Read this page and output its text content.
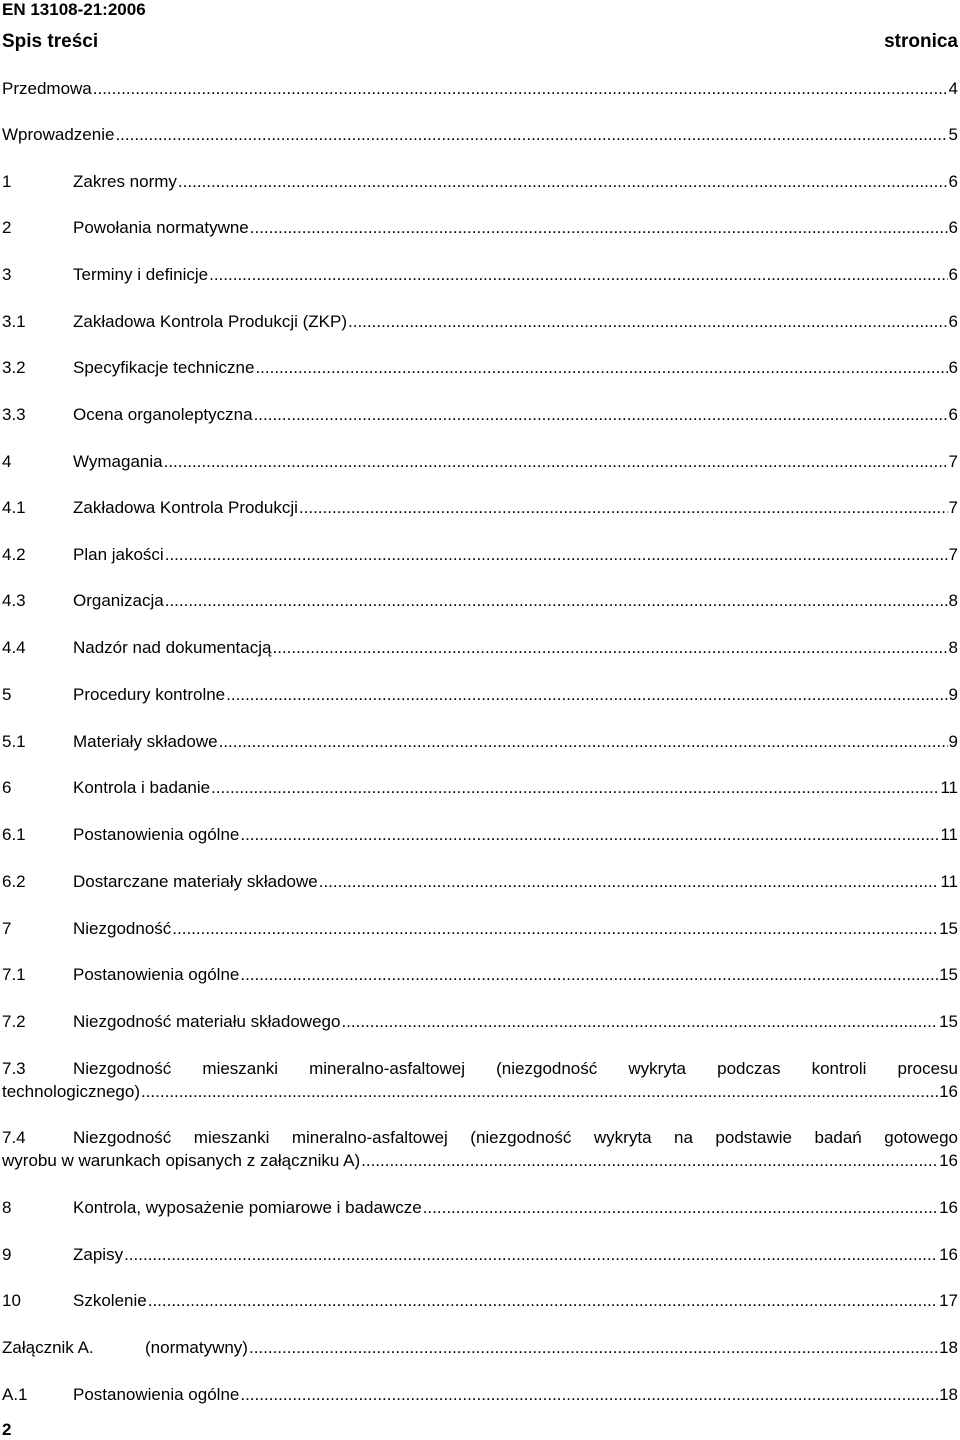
EN 13108-21:2006
Spis treści	stronica
Przedmowa .....	4
Wprowadzenie .....	5
1	Zakres normy .....	6
2	Powołania normatywne .....	6
3	Terminy i definicje .....	6
3.1	Zakładowa Kontrola Produkcji (ZKP) .....	6
3.2	Specyfikacje techniczne .....	6
3.3	Ocena organoleptyczna .....	6
4	Wymagania .....	7
4.1	Zakładowa Kontrola Produkcji .....	7
4.2	Plan jakości .....	7
4.3	Organizacja .....	8
4.4	Nadzór nad dokumentacją .....	8
5	Procedury kontrolne .....	9
5.1	Materiały składowe .....	9
6	Kontrola i badanie .....	11
6.1	Postanowienia ogólne .....	11
6.2	Dostarczane materiały składowe .....	11
7	Niezgodność .....	15
7.1	Postanowienia ogólne .....	15
7.2	Niezgodność materiału składowego .....	15
7.3	Niezgodność mieszanki mineralno-asfaltowej (niezgodność wykryta podczas kontroli procesu
technologicznego) .....	16
7.4	Niezgodność mieszanki mineralno-asfaltowej (niezgodność wykryta na podstawie badań gotowego
wyrobu w warunkach opisanych z załączniku A) .....	16
8	Kontrola, wyposażenie pomiarowe i badawcze .....	16
9	Zapisy .....	16
10	Szkolenie .....	17
Załącznik A.	(normatywny) .....	18
A.1	Postanowienia ogólne .....	18
2
